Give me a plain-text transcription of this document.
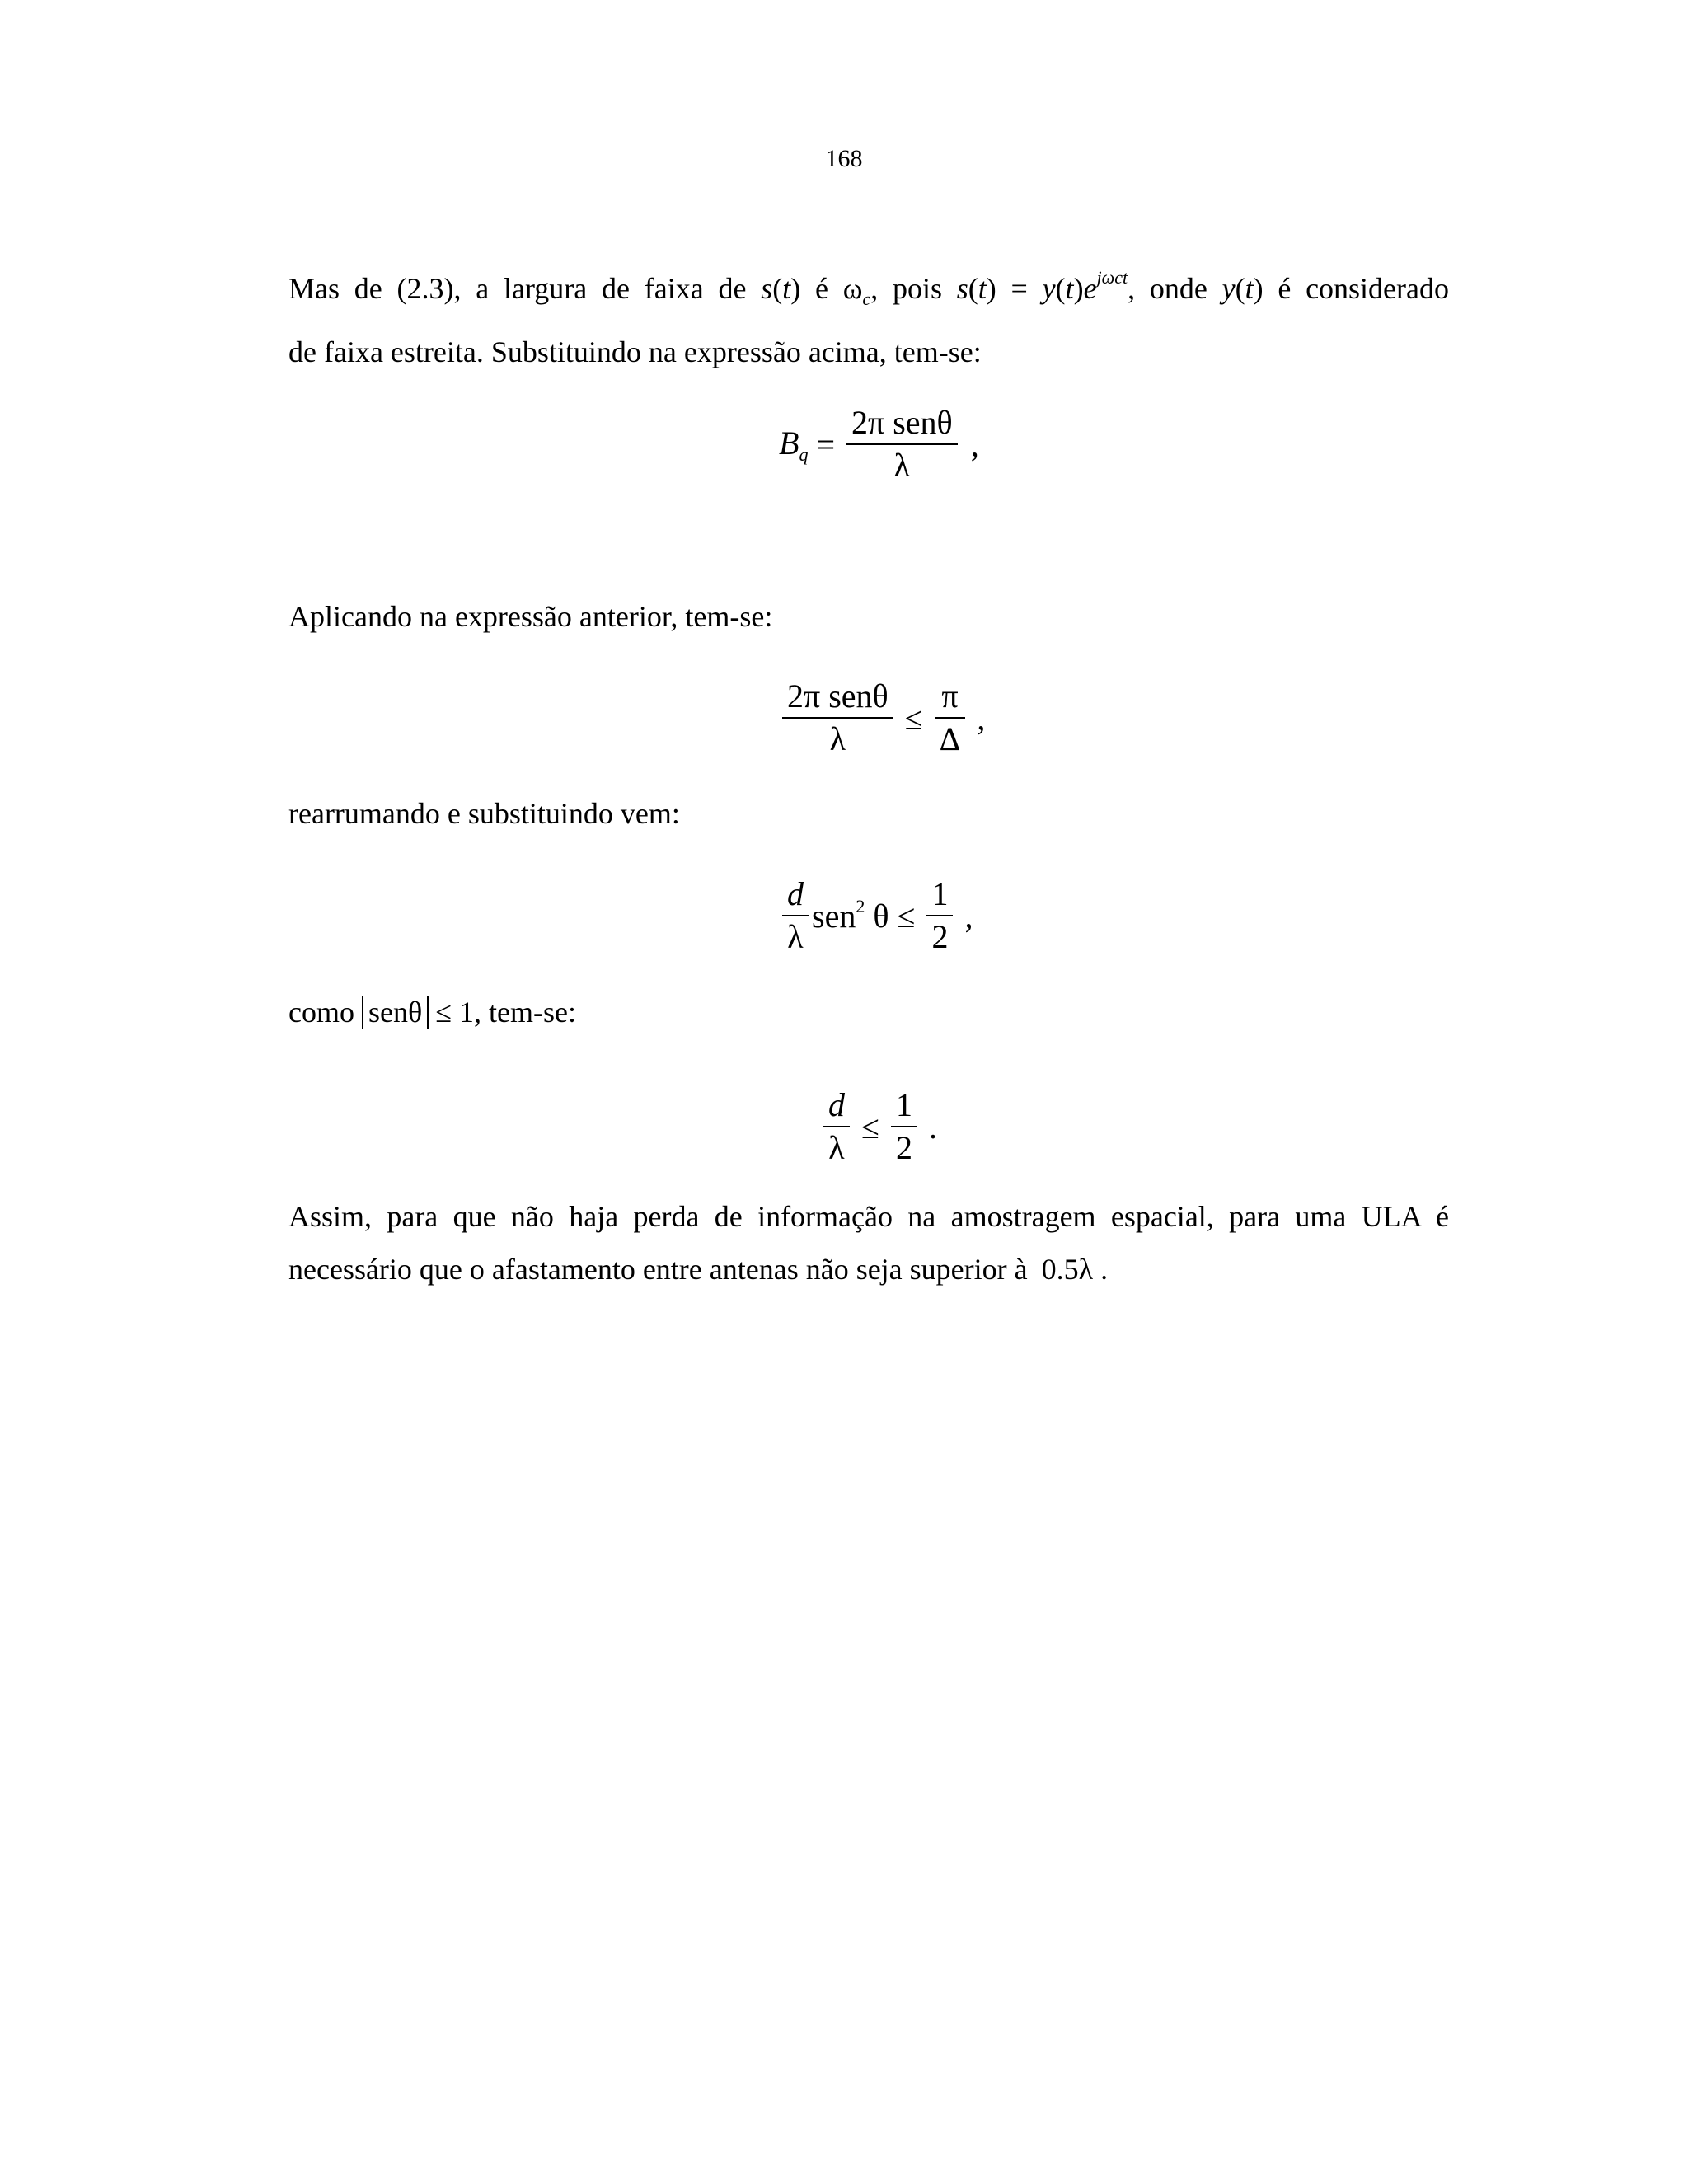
168
Mas de (2.3), a largura de faixa de s(t) é $\omega_c$, pois $s(t) = y(t)e^{j\omega ct}$, onde y(t) é considerado
de faixa estreita. Substituindo na expressão acima, tem-se:
$B_q = \frac{\text{2π senθ}}{\lambda}$ ,
Aplicando na expressão anterior, tem-se:
$\frac{\text{2π senθ}}{\lambda} \le \frac{\pi}{\Delta}$ ,
rearrumando e substituindo vem:
$\frac{d}{\lambda} sen^2$ $\theta \le \frac{1}{2}$ ,
como senθ ≤ 1, tem-se:
$\frac{d}{\lambda} \le \frac{1}{2}$ .
Assim, para que não haja perda de informação na amostragem espacial, para uma ULA é
necessário que o afastamento entre antenas não seja superior à 0.5λ .
